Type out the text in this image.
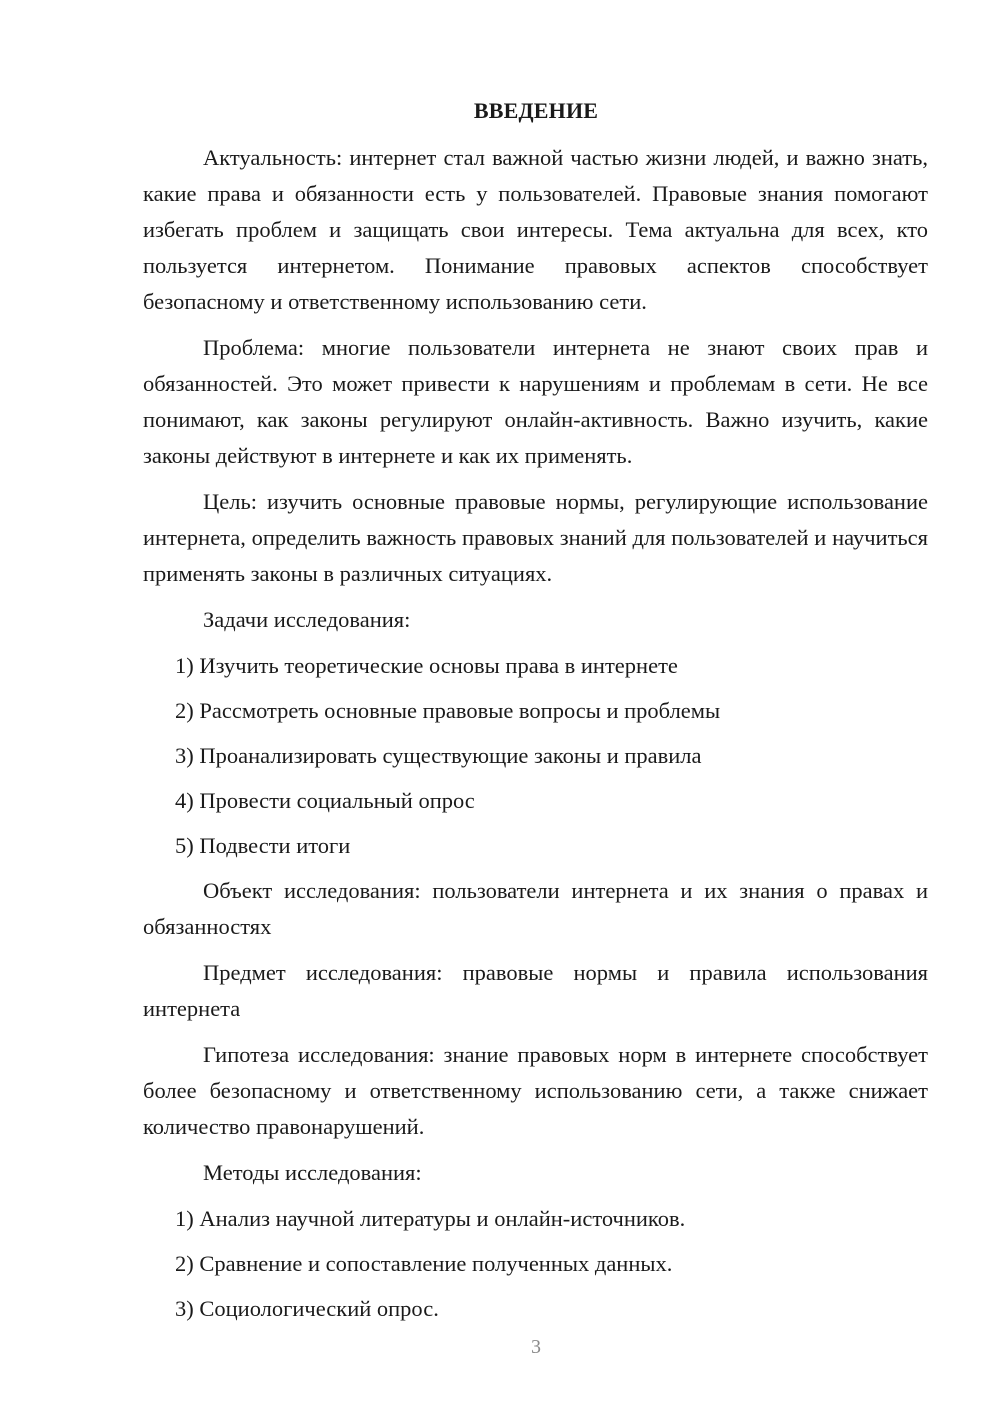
ВВЕДЕНИЕ

Актуальность: интернет стал важной частью жизни людей, и важно знать, какие права и обязанности есть у пользователей. Правовые знания помогают избегать проблем и защищать свои интересы. Тема актуальна для всех, кто пользуется интернетом. Понимание правовых аспектов способствует безопасному и ответственному использованию сети.

Проблема: многие пользователи интернета не знают своих прав и обязанностей. Это может привести к нарушениям и проблемам в сети. Не все понимают, как законы регулируют онлайн-активность. Важно изучить, какие законы действуют в интернете и как их применять.

Цель: изучить основные правовые нормы, регулирующие использование интернета, определить важность правовых знаний для пользователей и научиться применять законы в различных ситуациях.

Задачи исследования:
1) Изучить теоретические основы права в интернете
2) Рассмотреть основные правовые вопросы и проблемы
3) Проанализировать существующие законы и правила
4) Провести социальный опрос
5) Подвести итоги

Объект исследования: пользователи интернета и их знания о правах и обязанностях

Предмет исследования: правовые нормы и правила использования интернета

Гипотеза исследования: знание правовых норм в интернете способствует более безопасному и ответственному использованию сети, а также снижает количество правонарушений.

Методы исследования:
1) Анализ научной литературы и онлайн-источников.
2) Сравнение и сопоставление полученных данных.
3) Социологический опрос.
3
